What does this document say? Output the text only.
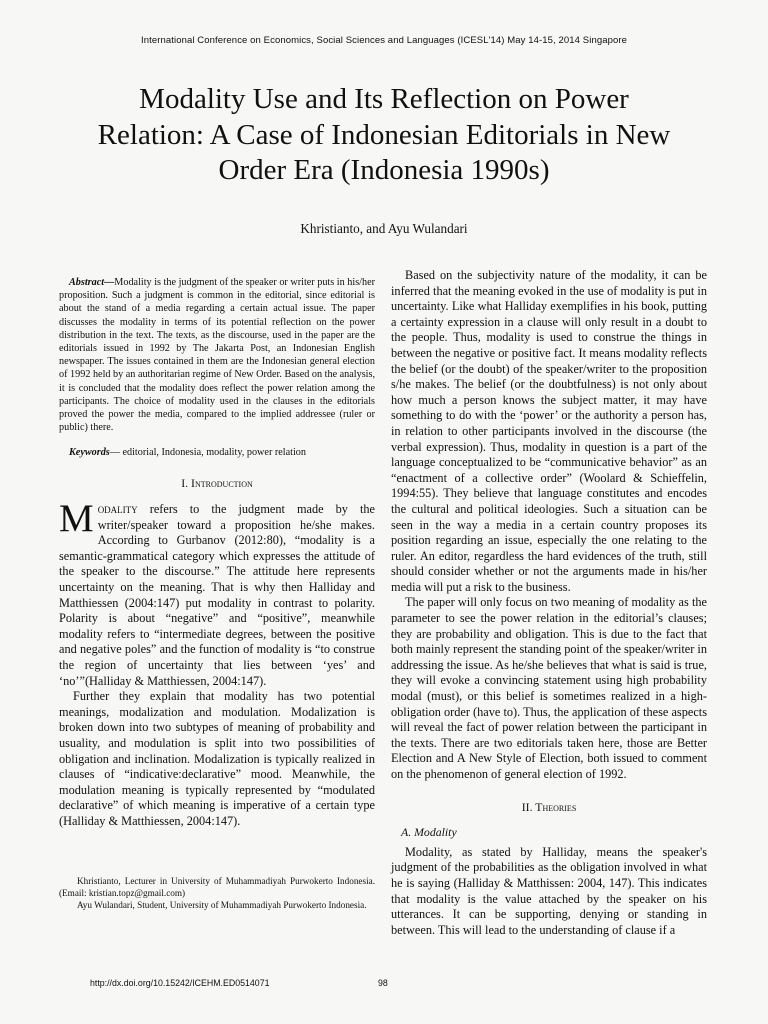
International Conference on Economics, Social Sciences and Languages (ICESL'14) May 14-15, 2014 Singapore
Modality Use and Its Reflection on Power Relation: A Case of Indonesian Editorials in New Order Era (Indonesia 1990s)
Khristianto, and Ayu Wulandari

Abstract—Modality is the judgment of the speaker or writer puts in his/her proposition. Such a judgment is common in the editorial, since editorial is about the stand of a media regarding a certain actual issue. The paper discusses the modality in terms of its potential reflection on the power distribution in the text. The texts, as the discourse, used in the paper are the editorials issued in 1992 by The Jakarta Post, an Indonesian English newspaper. The issues contained in them are the Indonesian general election of 1992 held by an authoritarian regime of New Order. Based on the analysis, it is concluded that the modality does reflect the power relation among the participants. The choice of modality used in the clauses in the editorials proved the power the media, compared to the implied addressee (ruler or public) there.

Keywords— editorial, Indonesia, modality, power relation

I. Introduction

Modality refers to the judgment made by the writer/speaker toward a proposition he/she makes. According to Gurbanov (2012:80), “modality is a semantic-grammatical category which expresses the attitude of the speaker to the discourse.” The attitude here represents uncertainty on the meaning. That is why then Halliday and Matthiessen (2004:147) put modality in contrast to polarity. Polarity is about “negative” and “positive”, meanwhile modality refers to “intermediate degrees, between the positive and negative poles” and the function of modality is “to construe the region of uncertainty that lies between ‘yes’ and ‘no’”(Halliday & Matthiessen, 2004:147).

Further they explain that modality has two potential meanings, modalization and modulation. Modalization is broken down into two subtypes of meaning of probability and usuality, and modulation is split into two possibilities of obligation and inclination. Modalization is typically realized in clauses of “indicative:declarative” mood. Meanwhile, the modulation meaning is typically represented by “modulated declarative” of which meaning is imperative of a certain type (Halliday & Matthiessen, 2004:147).

Khristianto, Lecturer in University of Muhammadiyah Purwokerto Indonesia. (Email: kristian.topz@gmail.com)

Ayu Wulandari, Student, University of Muhammadiyah Purwokerto Indonesia.

Based on the subjectivity nature of the modality, it can be inferred that the meaning evoked in the use of modality is put in uncertainty. Like what Halliday exemplifies in his book, putting a certainty expression in a clause will only result in a doubt to the people. Thus, modality is used to construe the things in between the negative or positive fact. It means modality reflects the belief (or the doubt) of the speaker/writer to the proposition s/he makes. The belief (or the doubtfulness) is not only about how much a person knows the subject matter, it may have something to do with the ‘power’ or the authority a person has, in relation to other participants involved in the discourse (the verbal expression). Thus, modality in question is a part of the language conceptualized to be “communicative behavior” as an “enactment of a collective order” (Woolard & Schieffelin, 1994:55). They believe that language constitutes and encodes the cultural and political ideologies. Such a situation can be seen in the way a media in a certain country proposes its position regarding an issue, especially the one relating to the ruler. An editor, regardless the hard evidences of the truth, still should consider whether or not the arguments made in his/her media will put a risk to the business.

The paper will only focus on two meaning of modality as the parameter to see the power relation in the editorial’s clauses; they are probability and obligation. This is due to the fact that both mainly represent the standing point of the speaker/writer in addressing the issue. As he/she believes that what is said is true, they will evoke a convincing statement using high probability modal (must), or this belief is sometimes realized in a high-obligation order (have to). Thus, the application of these aspects will reveal the fact of power relation between the participant in the texts. There are two editorials taken here, those are Better Election and A New Style of Election, both issued to comment on the phenomenon of general election of 1992.

II. Theories

A. Modality

Modality, as stated by Halliday, means the speaker's judgment of the probabilities as the obligation involved in what he is saying (Halliday & Matthissen: 2004, 147). This indicates that modality is the value attached by the speaker on his utterances. It can be supporting, denying or standing in between. This will lead to the understanding of clause if a

http://dx.doi.org/10.15242/ICEHM.ED0514071	98
